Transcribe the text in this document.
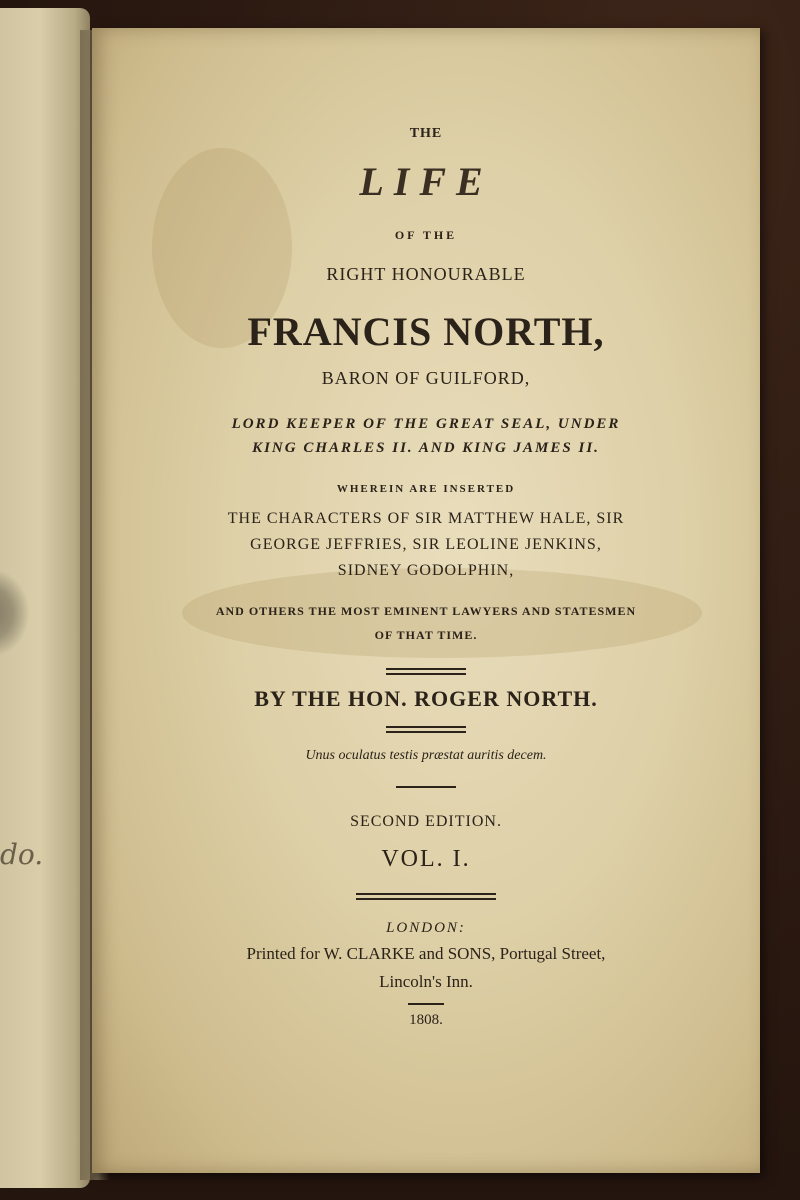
do.
THE
LIFE
OF THE
RIGHT HONOURABLE
FRANCIS NORTH,
BARON OF GUILFORD,
LORD KEEPER OF THE GREAT SEAL, UNDER
KING CHARLES II. AND KING JAMES II.
WHEREIN ARE INSERTED
THE CHARACTERS OF SIR MATTHEW HALE, SIR
GEORGE JEFFRIES, SIR LEOLINE JENKINS,
SIDNEY GODOLPHIN,
AND OTHERS THE MOST EMINENT LAWYERS AND STATESMEN
OF THAT TIME.
BY THE HON. ROGER NORTH.
Unus oculatus testis præstat auritis decem.
SECOND EDITION.
VOL. I.
LONDON:
Printed for W. CLARKE and SONS, Portugal Street,
Lincoln's Inn.
1808.
